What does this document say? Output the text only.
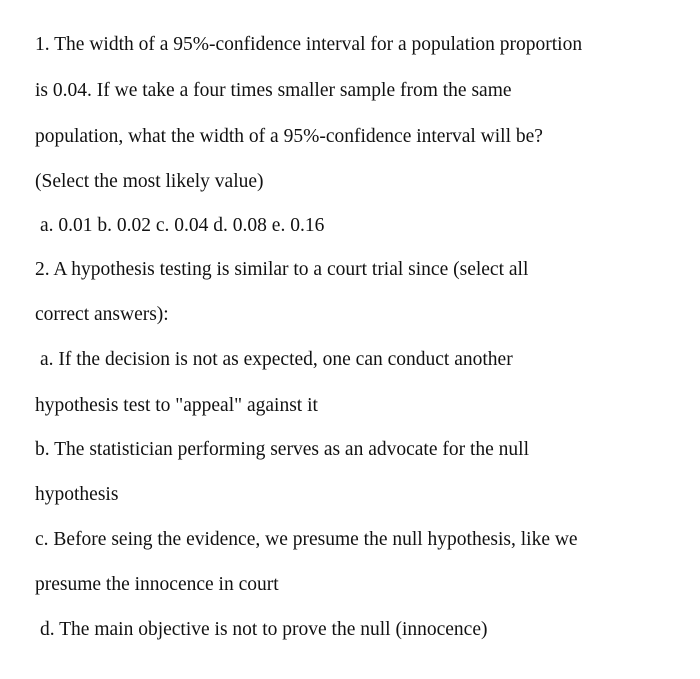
1. The width of a 95%-confidence interval for a population proportion
is 0.04. If we take a four times smaller sample from the same
population, what the width of a 95%-confidence interval will be?
(Select the most likely value)
a. 0.01 b. 0.02 c. 0.04 d. 0.08 e. 0.16
2. A hypothesis testing is similar to a court trial since (select all
correct answers):
a. If the decision is not as expected, one can conduct another
hypothesis test to "appeal" against it
b. The statistician performing serves as an advocate for the null
hypothesis
c. Before seing the evidence, we presume the null hypothesis, like we
presume the innocence in court
d. The main objective is not to prove the null (innocence)
